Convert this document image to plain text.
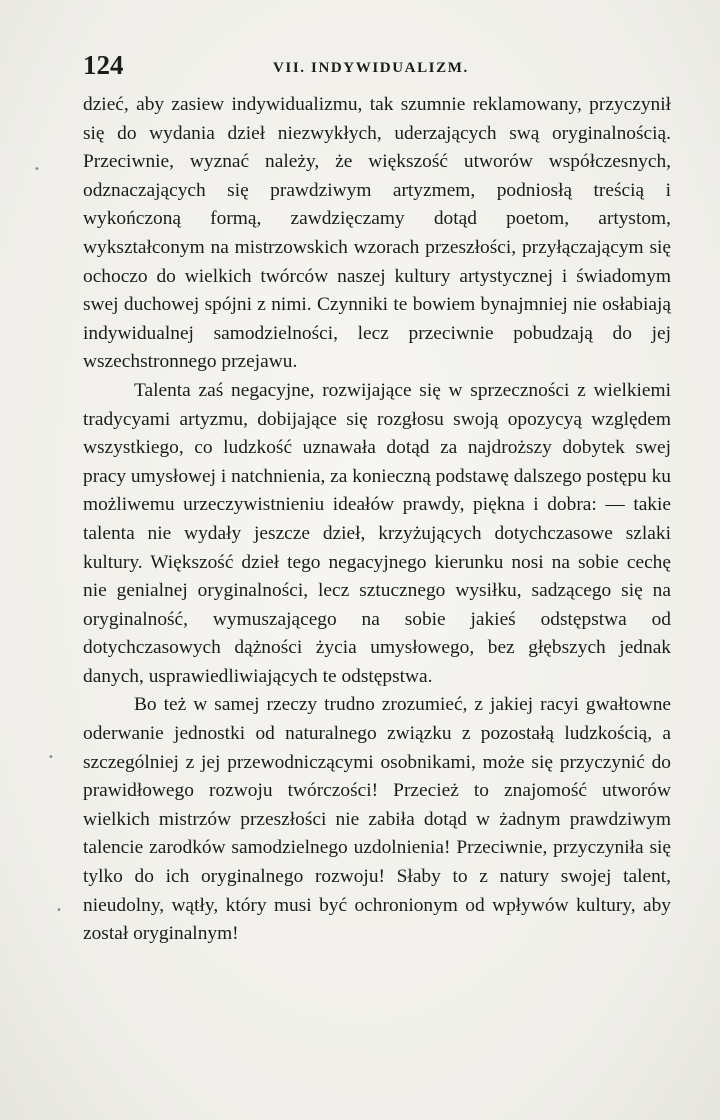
124	VII. INDYWIDUALIZM.

dzieć, aby zasiew indywidualizmu, tak szumnie reklamowany, przyczynił się do wydania dzieł niezwykłych, uderzających swą oryginalnością. Przeciwnie, wyznać należy, że większość utworów współczesnych, odznaczających się prawdziwym artyzmem, podniosłą treścią i wykończoną formą, zawdzięczamy dotąd poetom, artystom, wykształconym na mistrzowskich wzorach przeszłości, przyłączającym się ochoczo do wielkich twórców naszej kultury artystycznej i świadomym swej duchowej spójni z nimi. Czynniki te bowiem bynajmniej nie osłabiają indywidualnej samodzielności, lecz przeciwnie pobudzają do jej wszechstronnego przejawu.

Talenta zaś negacyjne, rozwijające się w sprzeczności z wielkiemi tradycyami artyzmu, dobijające się rozgłosu swoją opozycyą względem wszystkiego, co ludzkość uznawała dotąd za najdroższy dobytek swej pracy umysłowej i natchnienia, za konieczną podstawę dalszego postępu ku możliwemu urzeczywistnieniu ideałów prawdy, piękna i dobra: — takie talenta nie wydały jeszcze dzieł, krzyżujących dotychczasowe szlaki kultury. Większość dzieł tego negacyjnego kierunku nosi na sobie cechę nie genialnej oryginalności, lecz sztucznego wysiłku, sadzącego się na oryginalność, wymuszającego na sobie jakieś odstępstwa od dotychczasowych dążności życia umysłowego, bez głębszych jednak danych, usprawiedliwiających te odstępstwa.

Bo też w samej rzeczy trudno zrozumieć, z jakiej racyi gwałtowne oderwanie jednostki od naturalnego związku z pozostałą ludzkością, a szczególniej z jej przewodniczącymi osobnikami, może się przyczynić do prawidłowego rozwoju twórczości! Przecież to znajomość utworów wielkich mistrzów przeszłości nie zabiła dotąd w żadnym prawdziwym talencie zarodków samodzielnego uzdolnienia! Przeciwnie, przyczyniła się tylko do ich oryginalnego rozwoju! Słaby to z natury swojej talent, nieudolny, wątły, który musi być ochronionym od wpływów kultury, aby został oryginalnym!

•
•
•
